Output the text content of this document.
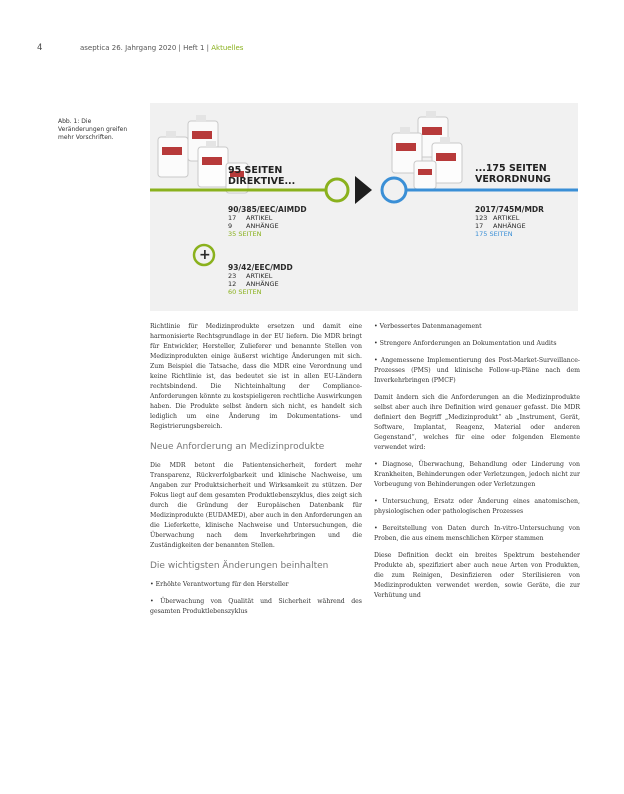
4	aseptica 26. Jahrgang 2020 | Heft 1 | Aktuelles
Abb. 1: Die Veränderungen greifen mehr Vorschriften.
+
95 SEITEN
DIREKTIVE...
...175 SEITEN
VERORDNUNG
90/385/EEC/AIMDD
17 ARTIKEL
9 ANHÄNGE
35 SEITEN
93/42/EEC/MDD
23 ARTIKEL
12 ANHÄNGE
60 SEITEN
2017/745M/MDR
123 ARTIKEL
17 ANHÄNGE
175 SEITEN

Richtlinie für Medizinprodukte ersetzen und damit eine harmonisierte Rechtsgrundlage in der EU liefern. Die MDR bringt für Entwickler, Hersteller, Zulieferer und benannte Stellen von Medizinprodukten einige äußerst wichtige Änderungen mit sich. Zum Beispiel die Tatsache, dass die MDR eine Verordnung und keine Richtlinie ist, das bedeutet sie ist in allen EU-Ländern rechtsbindend. Die Nichteinhaltung der Compliance-Anforderungen könnte zu kostspieligeren rechtliche Auswirkungen haben. Die Produkte selbst ändern sich nicht, es handelt sich lediglich um eine Änderung im Dokumentations- und Registrierungsbereich.

Neue Anforderung an Medizinprodukte

Die MDR betont die Patientensicherheit, fordert mehr Transparenz, Rückverfolgbarkeit und klinische Nachweise, um Angaben zur Produktsicherheit und Wirksamkeit zu stützen. Der Fokus liegt auf dem gesamten Produktlebenszyklus, dies zeigt sich durch die Gründung der Europäischen Datenbank für Medizinprodukte (EUDAMED), aber auch in den Anforderungen an die Lieferkette, klinische Nachweise und Untersuchungen, die Überwachung nach dem Inverkehrbringen und die Zuständigkeiten der benannten Stellen.

Die wichtigsten Änderungen beinhalten

• Erhöhte Verantwortung für den Hersteller

• Überwachung von Qualität und Sicherheit während des gesamten Produktlebenszyklus

• Verbessertes Datenmanagement

• Strengere Anforderungen an Dokumentation und Audits

• Angemessene Implementierung des Post-Market-Surveillance-Prozesses (PMS) und klinische Follow-up-Pläne nach dem Inverkehrbringen (PMCF)

Damit ändern sich die Anforderungen an die Medizinprodukte selbst aber auch ihre Definition wird genauer gefasst. Die MDR definiert den Begriff „Medizinprodukt“ ab „Instrument, Gerät, Software, Implantat, Reagenz, Material oder anderen Gegenstand“, welches für eine oder folgenden Elemente verwendet wird:

• Diagnose, Überwachung, Behandlung oder Linderung von Krankheiten, Behinderungen oder Verletzungen, jedoch nicht zur Vorbeugung von Behinderungen oder Verletzungen

• Untersuchung, Ersatz oder Änderung eines anatomischen, physiologischen oder pathologischen Prozesses

• Bereitstellung von Daten durch In-vitro-Untersuchung von Proben, die aus einem menschlichen Körper stammen

Diese Definition deckt ein breites Spektrum bestehender Produkte ab, spezifiziert aber auch neue Arten von Produkten, die zum Reinigen, Desinfizieren oder Sterilisieren von Medizinprodukten verwendet werden, sowie Geräte, die zur Verhütung und
